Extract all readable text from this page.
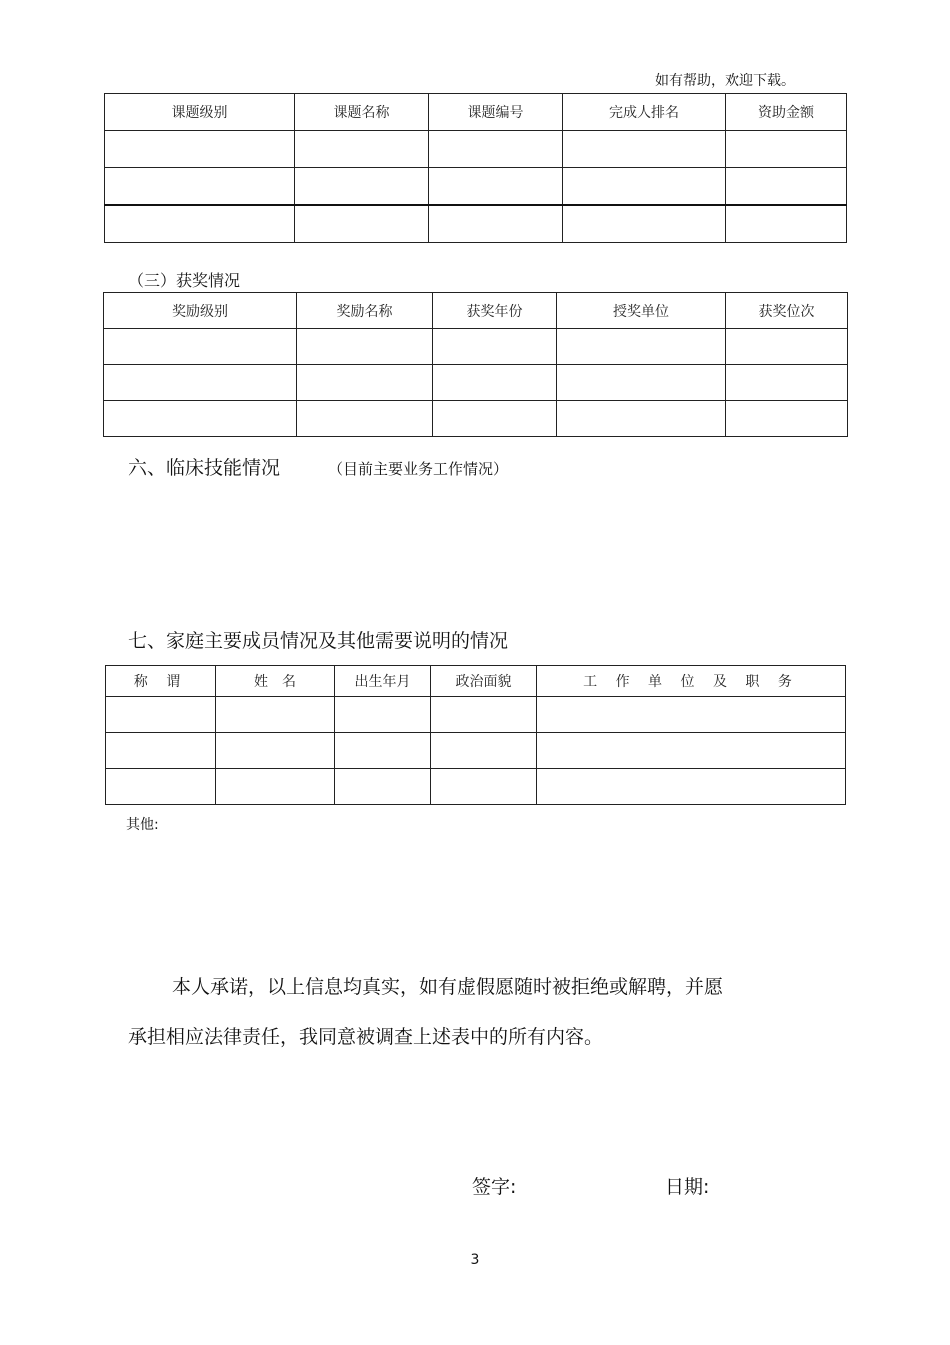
如有帮助，欢迎下载。
课题级别	课题名称	课题编号	完成人排名	资助金额

（三）获奖情况
奖励级别	奖励名称	获奖年份	授奖单位	获奖位次

六、临床技能情况	（目前主要业务工作情况）
七、家庭主要成员情况及其他需要说明的情况
称 谓	姓　名	出生年月	政治面貌	工 作 单 位 及 职 务

其他:
本人承诺，以上信息均真实，如有虚假愿随时被拒绝或解聘，并愿
承担相应法律责任，我同意被调查上述表中的所有内容。
签字:	日期:
3
